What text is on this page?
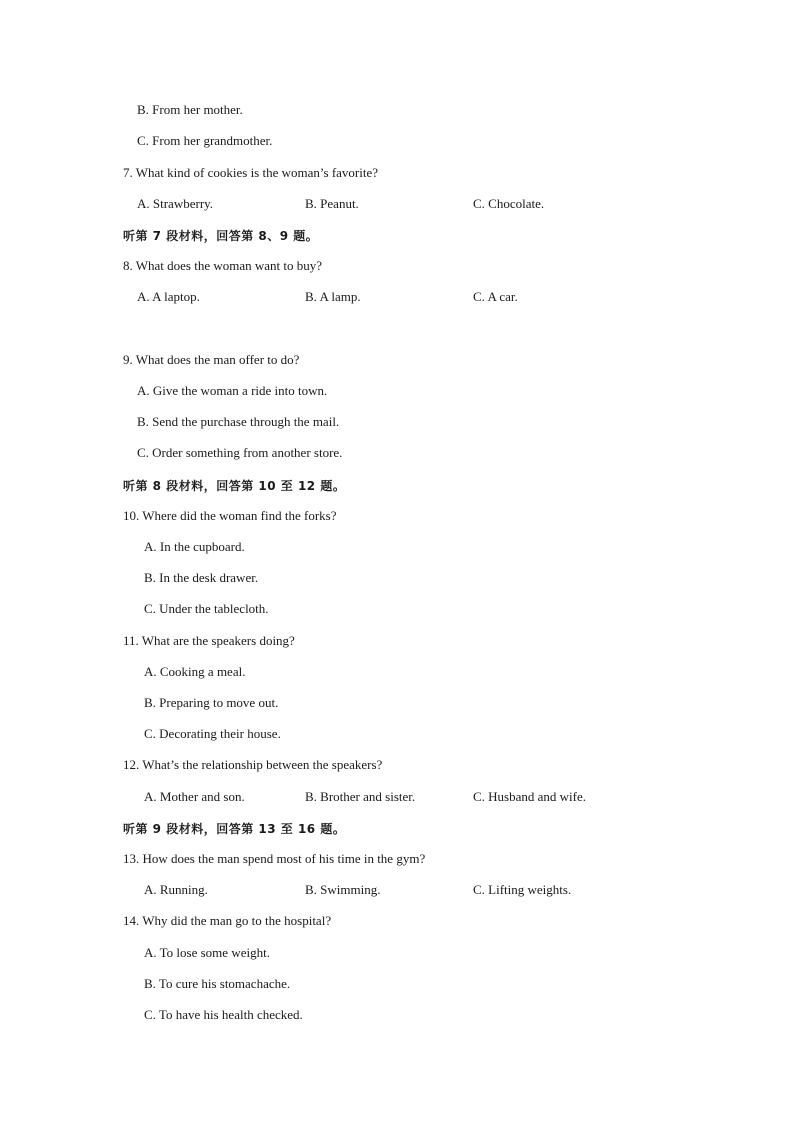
B. From her mother.
C. From her grandmother.
7. What kind of cookies is the woman’s favorite?
A. Strawberry.	B. Peanut.	C. Chocolate.
听第 7 段材料，回答第 8、9 题。
8. What does the woman want to buy?
A. A laptop.	B. A lamp.	C. A car.
9. What does the man offer to do?
A. Give the woman a ride into town.
B. Send the purchase through the mail.
C. Order something from another store.
听第 8 段材料，回答第 10 至 12 题。
10. Where did the woman find the forks?
A. In the cupboard.
B. In the desk drawer.
C. Under the tablecloth.
11. What are the speakers doing?
A. Cooking a meal.
B. Preparing to move out.
C. Decorating their house.
12. What’s the relationship between the speakers?
A. Mother and son.	B. Brother and sister.	C. Husband and wife.
听第 9 段材料，回答第 13 至 16 题。
13. How does the man spend most of his time in the gym?
A. Running.	B. Swimming.	C. Lifting weights.
14. Why did the man go to the hospital?
A. To lose some weight.
B. To cure his stomachache.
C. To have his health checked.
